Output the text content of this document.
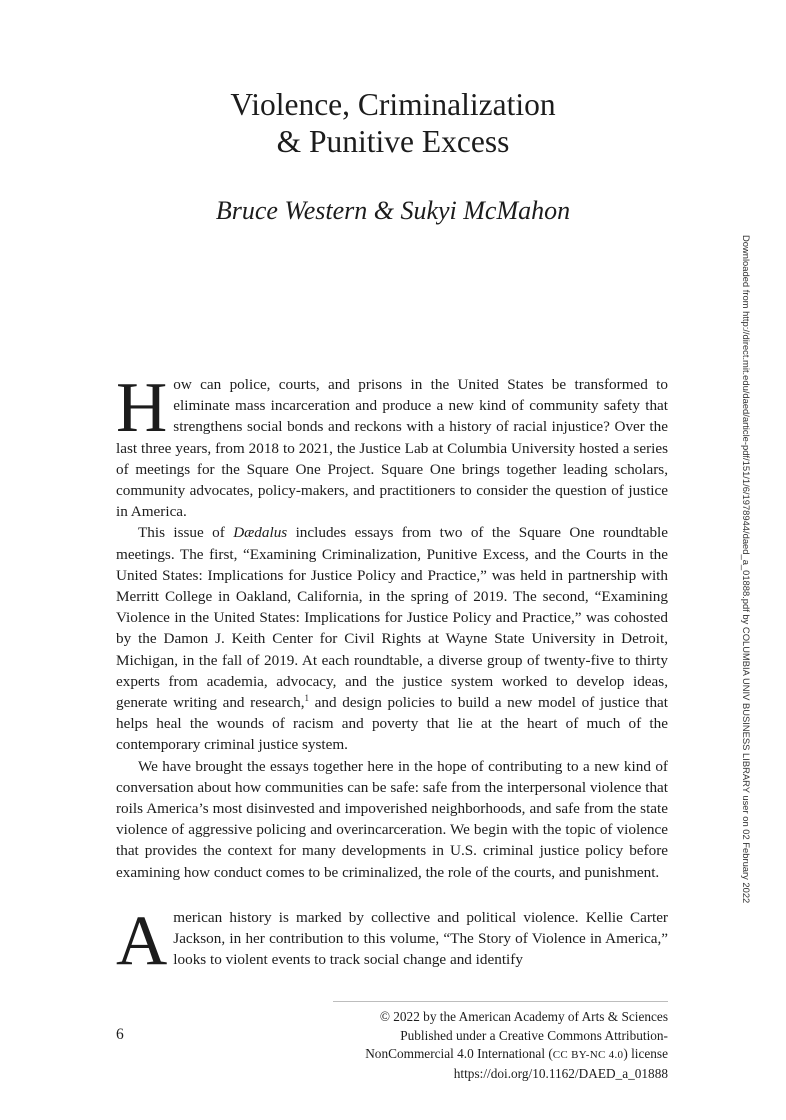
Violence, Criminalization
& Punitive Excess
Bruce Western & Sukyi McMahon

How can police, courts, and prisons in the United States be transformed to eliminate mass incarceration and produce a new kind of community safety that strengthens social bonds and reckons with a history of racial injustice? Over the last three years, from 2018 to 2021, the Justice Lab at Columbia University hosted a series of meetings for the Square One Project. Square One brings together leading scholars, community advocates, policy-makers, and practitioners to consider the question of justice in America.

This issue of Dædalus includes essays from two of the Square One roundtable meetings. The first, “Examining Criminalization, Punitive Excess, and the Courts in the United States: Implications for Justice Policy and Practice,” was held in partnership with Merritt College in Oakland, California, in the spring of 2019. The second, “Examining Violence in the United States: Implications for Justice Policy and Practice,” was cohosted by the Damon J. Keith Center for Civil Rights at Wayne State University in Detroit, Michigan, in the fall of 2019. At each roundtable, a diverse group of twenty-five to thirty experts from academia, advocacy, and the justice system worked to develop ideas, generate writing and research,$^1$ and design policies to build a new model of justice that helps heal the wounds of racism and poverty that lie at the heart of much of the contemporary criminal justice system.

We have brought the essays together here in the hope of contributing to a new kind of conversation about how communities can be safe: safe from the interpersonal violence that roils America’s most disinvested and impoverished neighborhoods, and safe from the state violence of aggressive policing and overincarceration. We begin with the topic of violence that provides the context for many developments in U.S. criminal justice policy before examining how conduct comes to be criminalized, the role of the courts, and punishment.

American history is marked by collective and political violence. Kellie Carter Jackson, in her contribution to this volume, “The Story of Violence in America,” looks to violent events to track social change and identify

Downloaded from http://direct.mit.edu/daed/article-pdf/151/1/6/1978944/daed_a_01888.pdf by COLUMBIA UNIV BUSINESS LIBRARY user on 02 February 2022
6
© 2022 by the American Academy of Arts & Sciences
Published under a Creative Commons Attribution-
NonCommercial 4.0 International (CC BY-NC 4.0) license
https://doi.org/10.1162/DAED_a_01888
